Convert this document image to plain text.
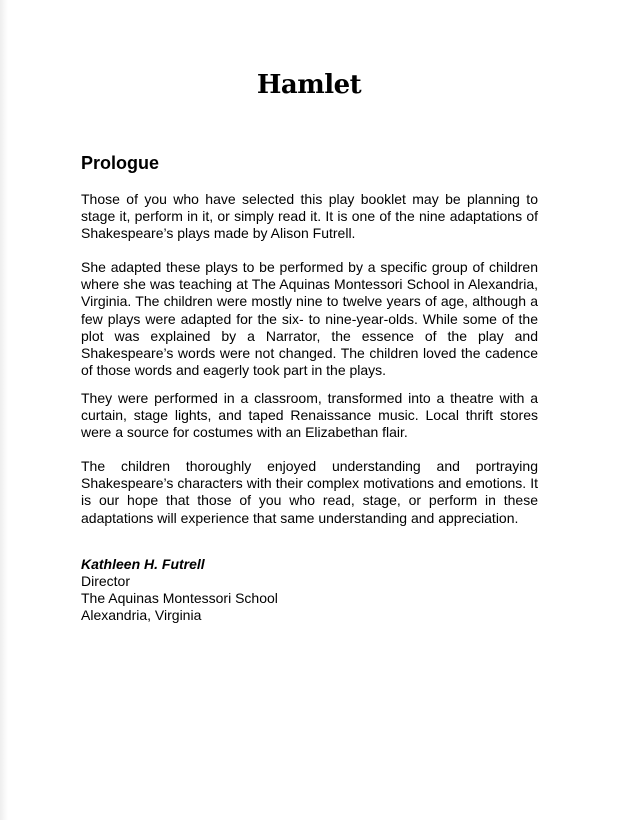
Hamlet
Prologue

Those of you who have selected this play booklet may be planning to stage it, perform in it, or simply read it. It is one of the nine adaptations of Shakespeare’s plays made by Alison Futrell.

She adapted these plays to be performed by a specific group of children where she was teaching at The Aquinas Montessori School in Alexandria, Virginia. The children were mostly nine to twelve years of age, although a few plays were adapted for the six- to nine-year-olds. While some of the plot was explained by a Narrator, the essence of the play and Shakespeare’s words were not changed. The children loved the cadence of those words and eagerly took part in the plays.

They were performed in a classroom, transformed into a theatre with a curtain, stage lights, and taped Renaissance music. Local thrift stores were a source for costumes with an Elizabethan flair.

The children thoroughly enjoyed understanding and portraying Shakespeare’s characters with their complex motivations and emotions. It is our hope that those of you who read, stage, or perform in these adaptations will experience that same understanding and appreciation.

Kathleen H. Futrell
Director
The Aquinas Montessori School
Alexandria, Virginia
